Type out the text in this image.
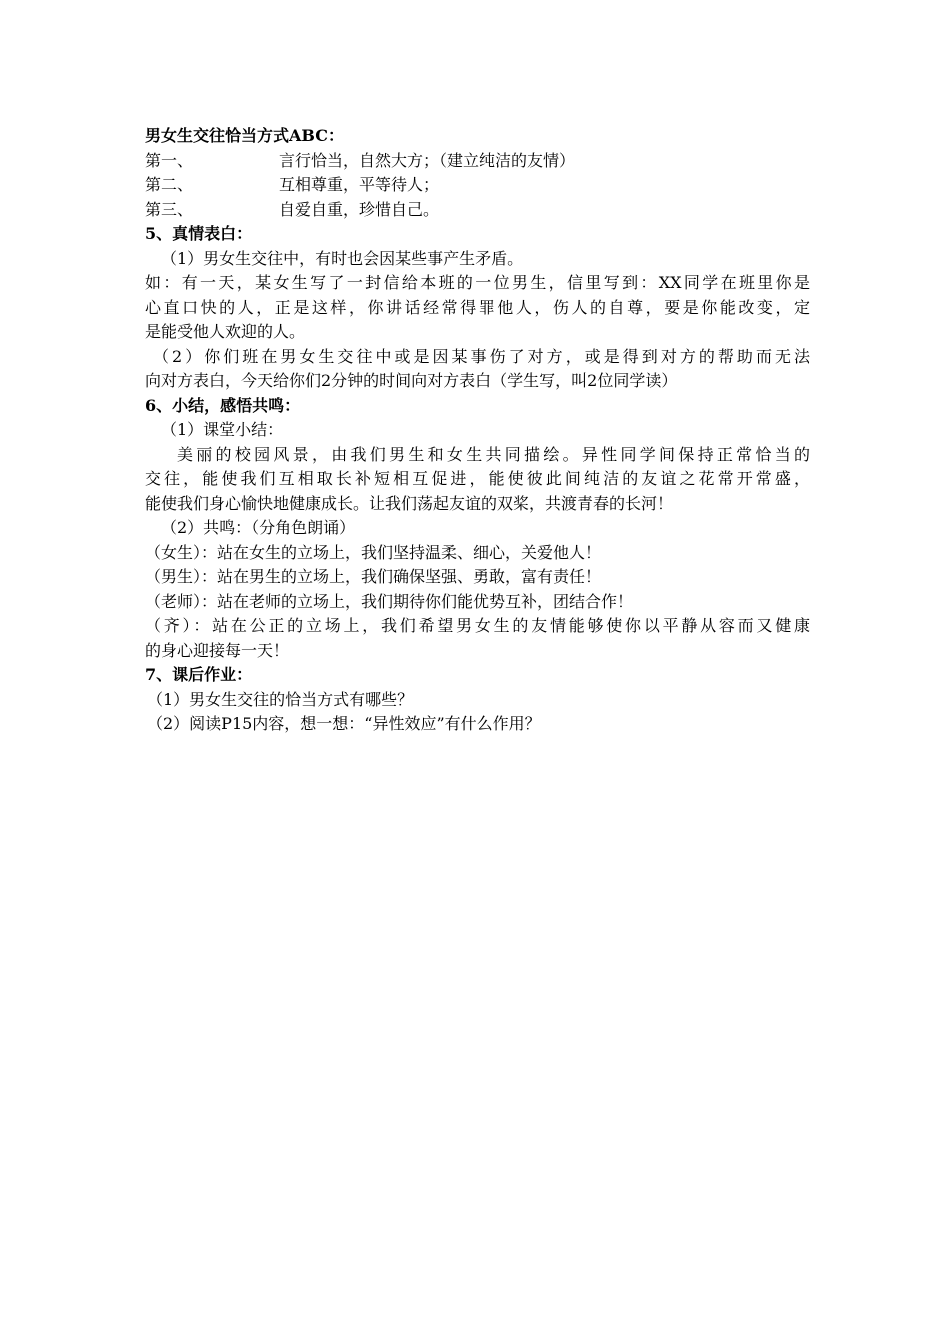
男女生交往恰当方式ABC：
第一、	言行恰当，自然大方；（建立纯洁的友情）
第二、	互相尊重，平等待人；
第三、	自爱自重，珍惜自己。
5、真情表白：
（1）男女生交往中，有时也会因某些事产生矛盾。
如：有一天，某女生写了一封信给本班的一位男生，信里写到：XX同学在班里你是
心直口快的人，正是这样，你讲话经常得罪他人，伤人的自尊，要是你能改变，定
是能受他人欢迎的人。
（2）你们班在男女生交往中或是因某事伤了对方，或是得到对方的帮助而无法
向对方表白，今天给你们2分钟的时间向对方表白（学生写，叫2位同学读）
6、小结，感悟共鸣：
（1）课堂小结：
美丽的校园风景，由我们男生和女生共同描绘。异性同学间保持正常恰当的
交往，能使我们互相取长补短相互促进，能使彼此间纯洁的友谊之花常开常盛，
能使我们身心愉快地健康成长。让我们荡起友谊的双桨，共渡青春的长河！
（2）共鸣：（分角色朗诵）
（女生）：站在女生的立场上，我们坚持温柔、细心，关爱他人！
（男生）：站在男生的立场上，我们确保坚强、勇敢，富有责任！
（老师）：站在老师的立场上，我们期待你们能优势互补，团结合作！
（齐）：站在公正的立场上，我们希望男女生的友情能够使你以平静从容而又健康
的身心迎接每一天！
7、课后作业：
（1）男女生交往的恰当方式有哪些？
（2）阅读P15内容，想一想：“异性效应”有什么作用？
